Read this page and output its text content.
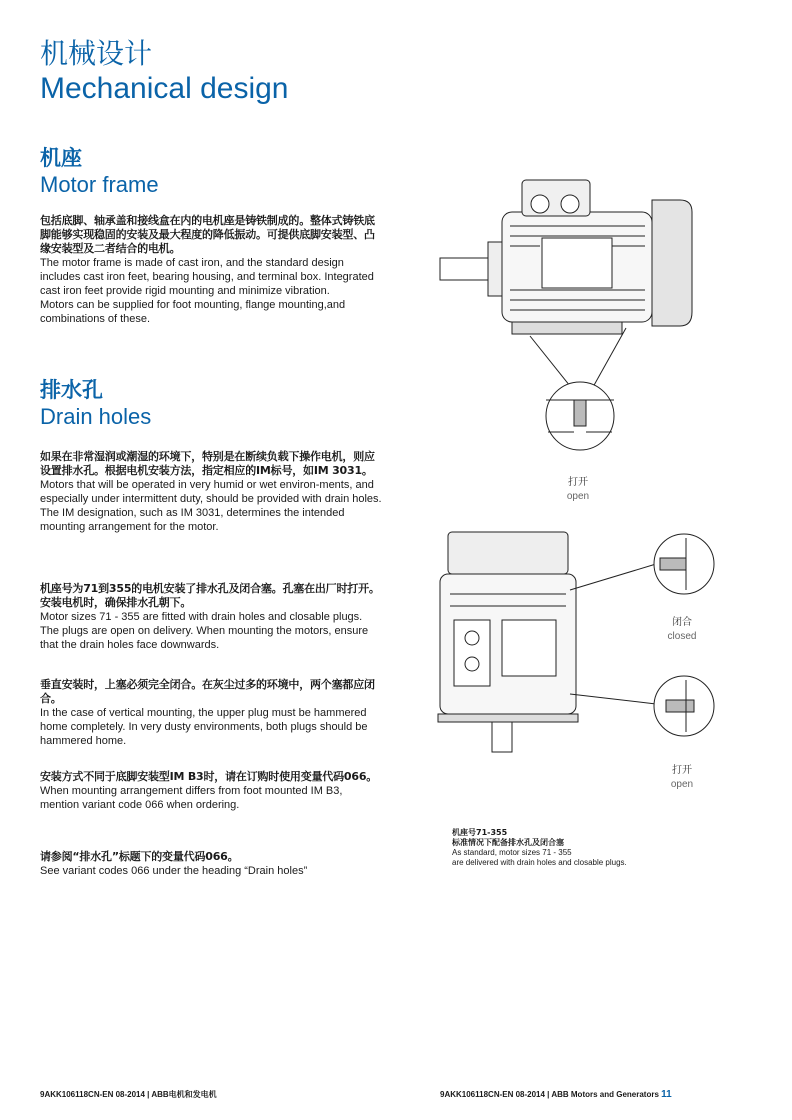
机械设计
Mechanical design
机座
Motor frame
包括底脚、轴承盖和接线盒在内的电机座是铸铁制成的。整体式铸铁底脚能够实现稳固的安装及最大程度的降低振动。可提供底脚安装型、凸缘安装型及二者结合的电机。
The motor frame is made of cast iron, and the standard design includes cast iron feet, bearing housing, and terminal box. Integrated cast iron feet provide rigid mounting and minimize vibration.
Motors can be supplied for foot mounting, flange mounting,and combinations of these.
排水孔
Drain holes
如果在非常湿润或潮湿的环境下，特别是在断续负载下操作电机，则应设置排水孔。根据电机安装方法，指定相应的IM标号，如IM 3031。
Motors that will be operated in very humid or wet environ-ments, and especially under intermittent duty, should be provided with drain holes. The IM designation, such as IM 3031, determines the intended mounting arrangement for the motor.
机座号为71到355的电机安装了排水孔及闭合塞。孔塞在出厂时打开。安装电机时，确保排水孔朝下。
Motor sizes 71 - 355 are fitted with drain holes and closable plugs. The plugs are open on delivery. When mounting the motors, ensure that the drain holes face downwards.
垂直安装时，上塞必须完全闭合。在灰尘过多的环境中，两个塞都应闭合。
In the case of vertical mounting, the upper plug must be hammered home completely. In very dusty environments, both plugs should be hammered home.
安装方式不同于底脚安装型IM B3时，请在订购时使用变量代码066。
When mounting arrangement differs from foot mounted IM B3, mention variant code 066 when ordering.
请参阅“排水孔”标题下的变量代码066。
See variant codes 066 under the heading “Drain holes”
打开
open
闭合
closed
打开
open
机座号71-355
标准情况下配备排水孔及闭合塞
As standard, motor sizes 71 - 355
are delivered with drain holes and closable plugs.
9AKK106118CN-EN 08-2014 | ABB电机和发电机	9AKK106118CN-EN 08-2014 | ABB Motors and Generators 11
